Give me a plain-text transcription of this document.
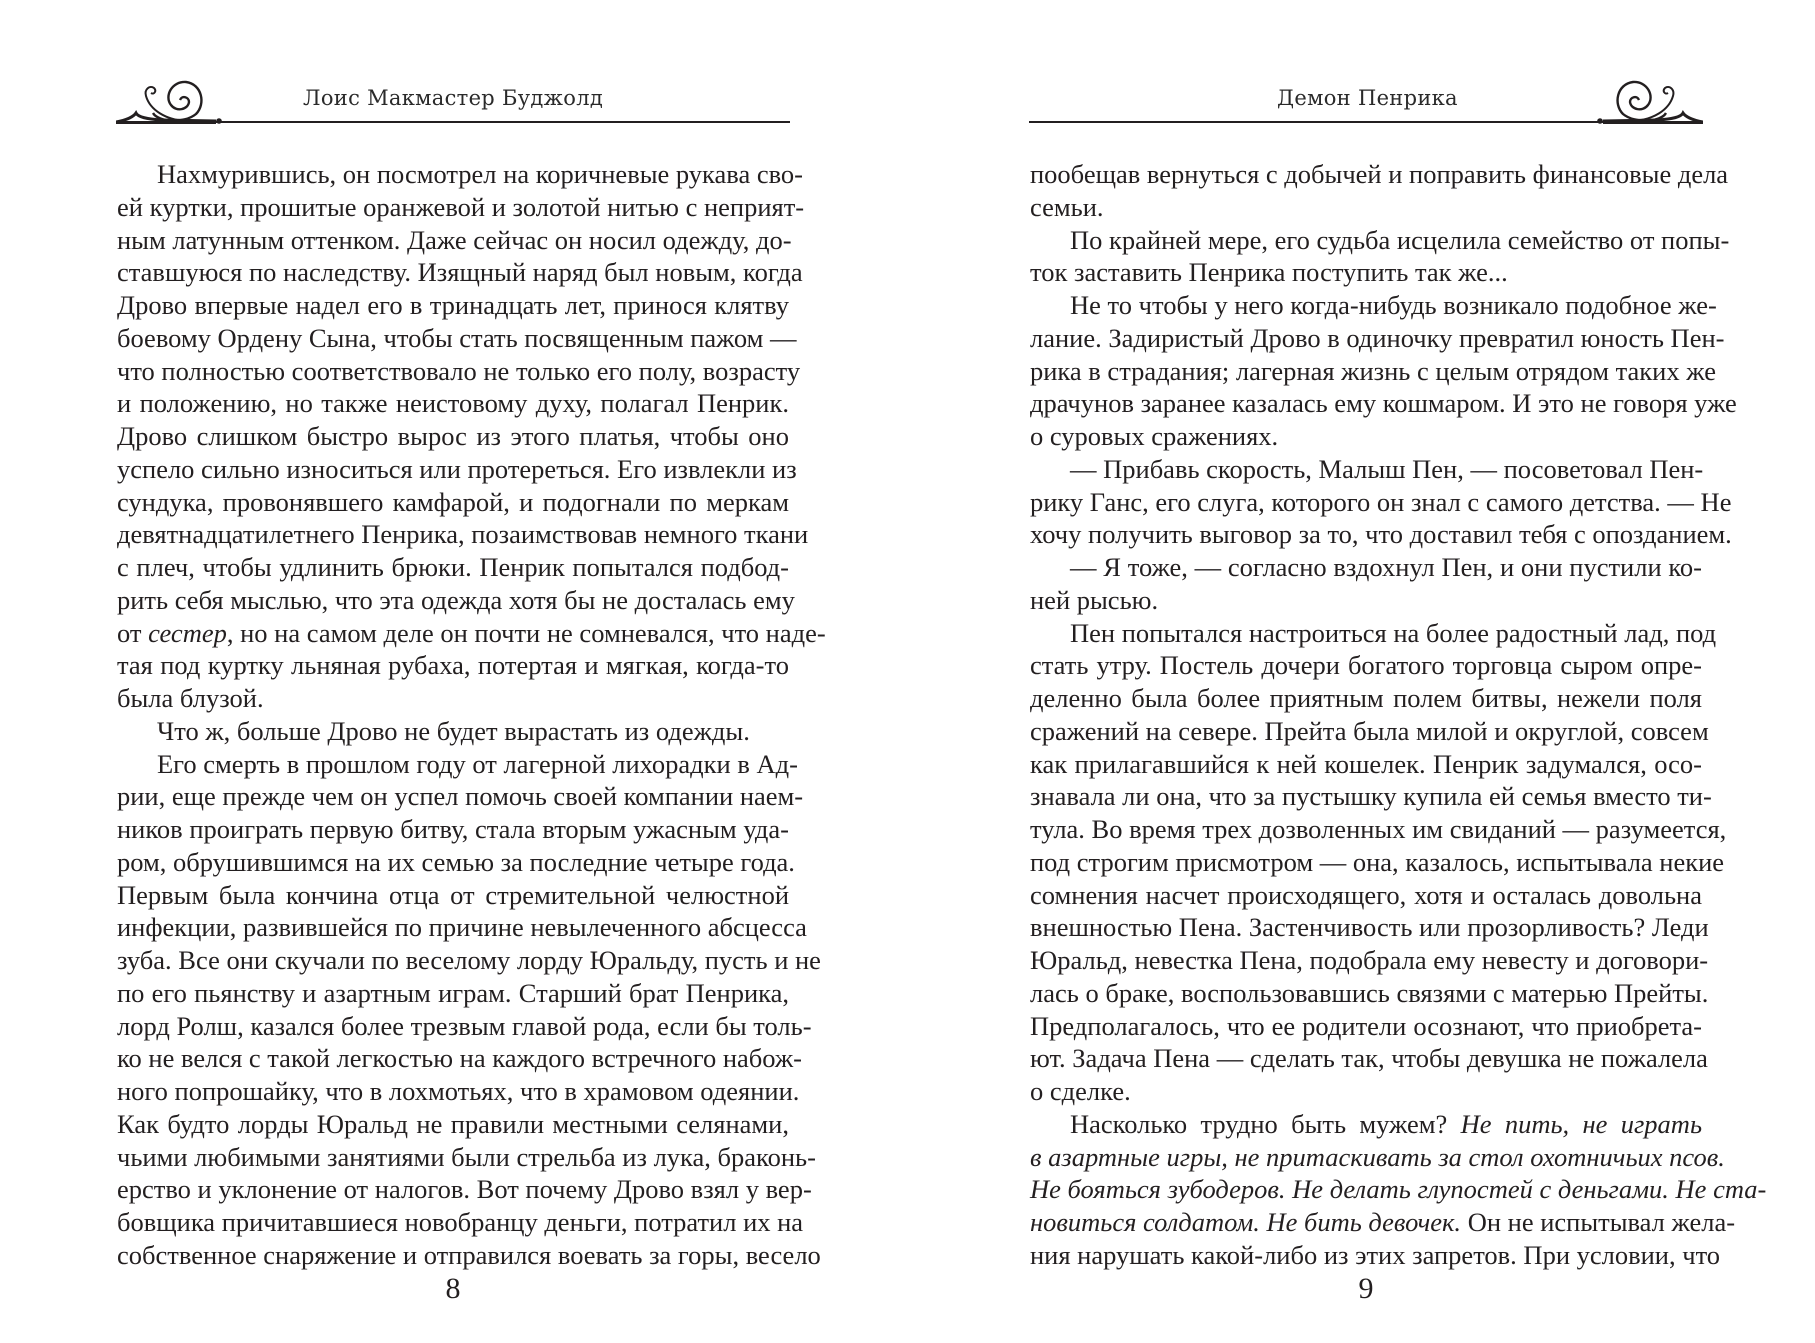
Лоис Макмастер Буджолд
Нахмурившись, он посмотрел на коричневые рукава сво-
ей куртки, прошитые оранжевой и золотой нитью с неприят-
ным латунным оттенком. Даже сейчас он носил одежду, до-
ставшуюся по наследству. Изящный наряд был новым, когда
Дрово впервые надел его в тринадцать лет, принося клятву
боевому Ордену Сына, чтобы стать посвященным пажом —
что полностью соответствовало не только его полу, возрасту
и положению, но также неистовому духу, полагал Пенрик.
Дрово слишком быстро вырос из этого платья, чтобы оно
успело сильно износиться или протереться. Его извлекли из
сундука, провонявшего камфарой, и подогнали по меркам
девятнадцатилетнего Пенрика, позаимствовав немного ткани
с плеч, чтобы удлинить брюки. Пенрик попытался подбод-
рить себя мыслью, что эта одежда хотя бы не досталась ему
от сестер, но на самом деле он почти не сомневался, что наде-
тая под куртку льняная рубаха, потертая и мягкая, когда-то
была блузой.
Что ж, больше Дрово не будет вырастать из одежды.
Его смерть в прошлом году от лагерной лихорадки в Ад-
рии, еще прежде чем он успел помочь своей компании наем-
ников проиграть первую битву, стала вторым ужасным уда-
ром, обрушившимся на их семью за последние четыре года.
Первым была кончина отца от стремительной челюстной
инфекции, развившейся по причине невылеченного абсцесса
зуба. Все они скучали по веселому лорду Юральду, пусть и не
по его пьянству и азартным играм. Старший брат Пенрика,
лорд Ролш, казался более трезвым главой рода, если бы толь-
ко не велся с такой легкостью на каждого встречного набож-
ного попрошайку, что в лохмотьях, что в храмовом одеянии.
Как будто лорды Юральд не правили местными селянами,
чьими любимыми занятиями были стрельба из лука, браконь-
ерство и уклонение от налогов. Вот почему Дрово взял у вер-
бовщика причитавшиеся новобранцу деньги, потратил их на
собственное снаряжение и отправился воевать за горы, весело
8
Демон Пенрика
пообещав вернуться с добычей и поправить финансовые дела
семьи.
По крайней мере, его судьба исцелила семейство от попы-
ток заставить Пенрика поступить так же...
Не то чтобы у него когда-нибудь возникало подобное же-
лание. Задиристый Дрово в одиночку превратил юность Пен-
рика в страдания; лагерная жизнь с целым отрядом таких же
драчунов заранее казалась ему кошмаром. И это не говоря уже
о суровых сражениях.
— Прибавь скорость, Малыш Пен, — посоветовал Пен-
рику Ганс, его слуга, которого он знал с самого детства. — Не
хочу получить выговор за то, что доставил тебя с опозданием.
— Я тоже, — согласно вздохнул Пен, и они пустили ко-
ней рысью.
Пен попытался настроиться на более радостный лад, под
стать утру. Постель дочери богатого торговца сыром опре-
деленно была более приятным полем битвы, нежели поля
сражений на севере. Прейта была милой и округлой, совсем
как прилагавшийся к ней кошелек. Пенрик задумался, осо-
знавала ли она, что за пустышку купила ей семья вместо ти-
тула. Во время трех дозволенных им свиданий — разумеется,
под строгим присмотром — она, казалось, испытывала некие
сомнения насчет происходящего, хотя и осталась довольна
внешностью Пена. Застенчивость или прозорливость? Леди
Юральд, невестка Пена, подобрала ему невесту и договори-
лась о браке, воспользовавшись связями с матерью Прейты.
Предполагалось, что ее родители осознают, что приобрета-
ют. Задача Пена — сделать так, чтобы девушка не пожалела
о сделке.
Насколько трудно быть мужем? Не пить, не играть
в азартные игры, не притаскивать за стол охотничьих псов.
Не бояться зубодеров. Не делать глупостей с деньгами. Не ста-
новиться солдатом. Не бить девочек. Он не испытывал жела-
ния нарушать какой-либо из этих запретов. При условии, что
9
